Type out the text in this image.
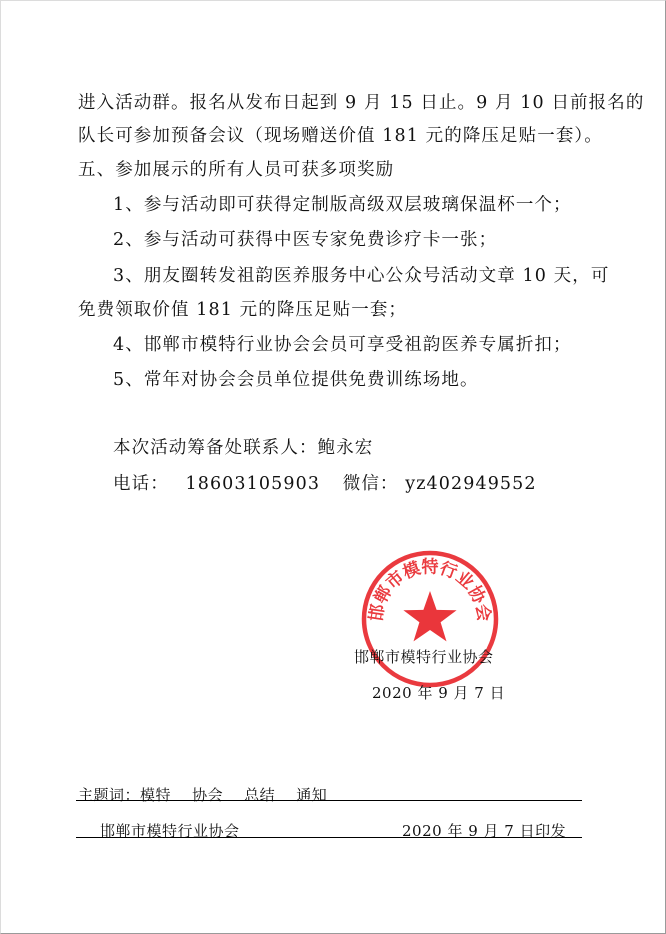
进入活动群。报名从发布日起到 9 月 15 日止。9 月 10 日前报名的
队长可参加预备会议（现场赠送价值 181 元的降压足贴一套）。
五、参加展示的所有人员可获多项奖励
1、参与活动即可获得定制版高级双层玻璃保温杯一个；
2、参与活动可获得中医专家免费诊疗卡一张；
3、朋友圈转发祖韵医养服务中心公众号活动文章 10 天，可
免费领取价值 181 元的降压足贴一套；
4、邯郸市模特行业协会会员可享受祖韵医养专属折扣；
5、常年对协会会员单位提供免费训练场地。
本次活动筹备处联系人：鲍永宏
电话： 18603105903 微信： yz402949552
邯郸市模特行业协会
邯郸市模特行业协会
2020 年 9 月 7 日
主题词：模特    协会    总结    通知
邯郸市模特行业协会	2020 年 9 月 7 日印发
